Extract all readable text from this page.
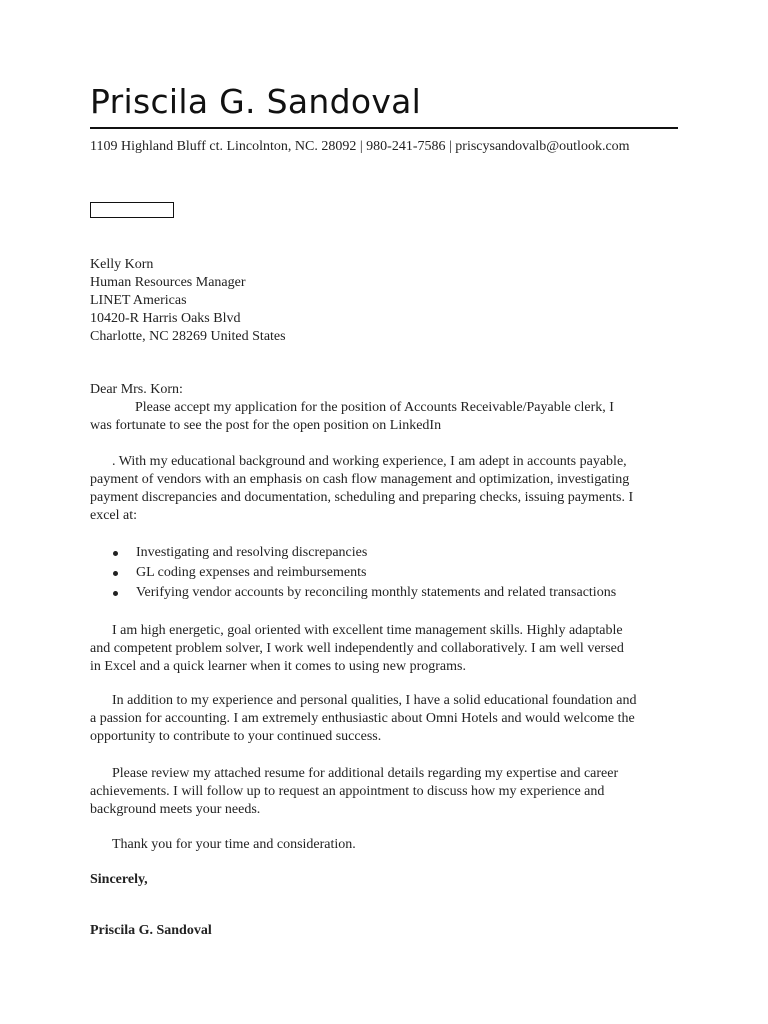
Priscila G. Sandoval
1109 Highland Bluff ct. Lincolnton, NC. 28092 | 980-241-7586 | priscysandovalb@outlook.com
Kelly Korn
Human Resources Manager
LINET Americas
10420-R Harris Oaks Blvd
Charlotte, NC 28269 United States
Dear Mrs. Korn:
Please accept my application for the position of Accounts Receivable/Payable clerk, I
was fortunate to see the post for the open position on LinkedIn
. With my educational background and working experience, I am adept in accounts payable,
payment of vendors with an emphasis on cash flow management and optimization, investigating
payment discrepancies and documentation, scheduling and preparing checks, issuing payments. I
excel at:
Investigating and resolving discrepancies
GL coding expenses and reimbursements
Verifying vendor accounts by reconciling monthly statements and related transactions
I am high energetic, goal oriented with excellent time management skills. Highly adaptable
and competent problem solver, I work well independently and collaboratively. I am well versed
in Excel and a quick learner when it comes to using new programs.
In addition to my experience and personal qualities, I have a solid educational foundation and
a passion for accounting. I am extremely enthusiastic about Omni Hotels and would welcome the
opportunity to contribute to your continued success.
Please review my attached resume for additional details regarding my expertise and career
achievements. I will follow up to request an appointment to discuss how my experience and
background meets your needs.
Thank you for your time and consideration.
Sincerely,
Priscila G. Sandoval
